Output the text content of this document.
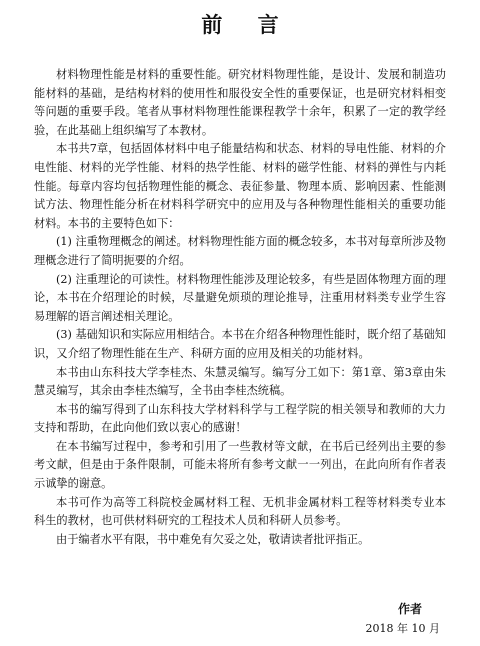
前 言

材料物理性能是材料的重要性能。研究材料物理性能，是设计、发展和制造功能材料的基础，是结构材料的使用性和服役安全性的重要保证，也是研究材料相变等问题的重要手段。笔者从事材料物理性能课程教学十余年，积累了一定的教学经验，在此基础上组织编写了本教材。

本书共7章，包括固体材料中电子能量结构和状态、材料的导电性能、材料的介电性能、材料的光学性能、材料的热学性能、材料的磁学性能、材料的弹性与内耗性能。每章内容均包括物理性能的概念、表征参量、物理本质、影响因素、性能测试方法、物理性能分析在材料科学研究中的应用及与各种物理性能相关的重要功能材料。本书的主要特色如下：

(1) 注重物理概念的阐述。材料物理性能方面的概念较多，本书对每章所涉及物理概念进行了简明扼要的介绍。

(2) 注重理论的可读性。材料物理性能涉及理论较多，有些是固体物理方面的理论，本书在介绍理论的时候，尽量避免烦琐的理论推导，注重用材料类专业学生容易理解的语言阐述相关理论。

(3) 基础知识和实际应用相结合。本书在介绍各种物理性能时，既介绍了基础知识，又介绍了物理性能在生产、科研方面的应用及相关的功能材料。

本书由山东科技大学李桂杰、朱慧灵编写。编写分工如下：第1章、第3章由朱慧灵编写，其余由李桂杰编写，全书由李桂杰统稿。

本书的编写得到了山东科技大学材料科学与工程学院的相关领导和教师的大力支持和帮助，在此向他们致以衷心的感谢！

在本书编写过程中，参考和引用了一些教材等文献，在书后已经列出主要的参考文献，但是由于条件限制，可能未将所有参考文献一一列出，在此向所有作者表示诚挚的谢意。

本书可作为高等工科院校金属材料工程、无机非金属材料工程等材料类专业本科生的教材，也可供材料研究的工程技术人员和科研人员参考。

由于编者水平有限，书中难免有欠妥之处，敬请读者批评指正。

作者
2018 年 10 月
